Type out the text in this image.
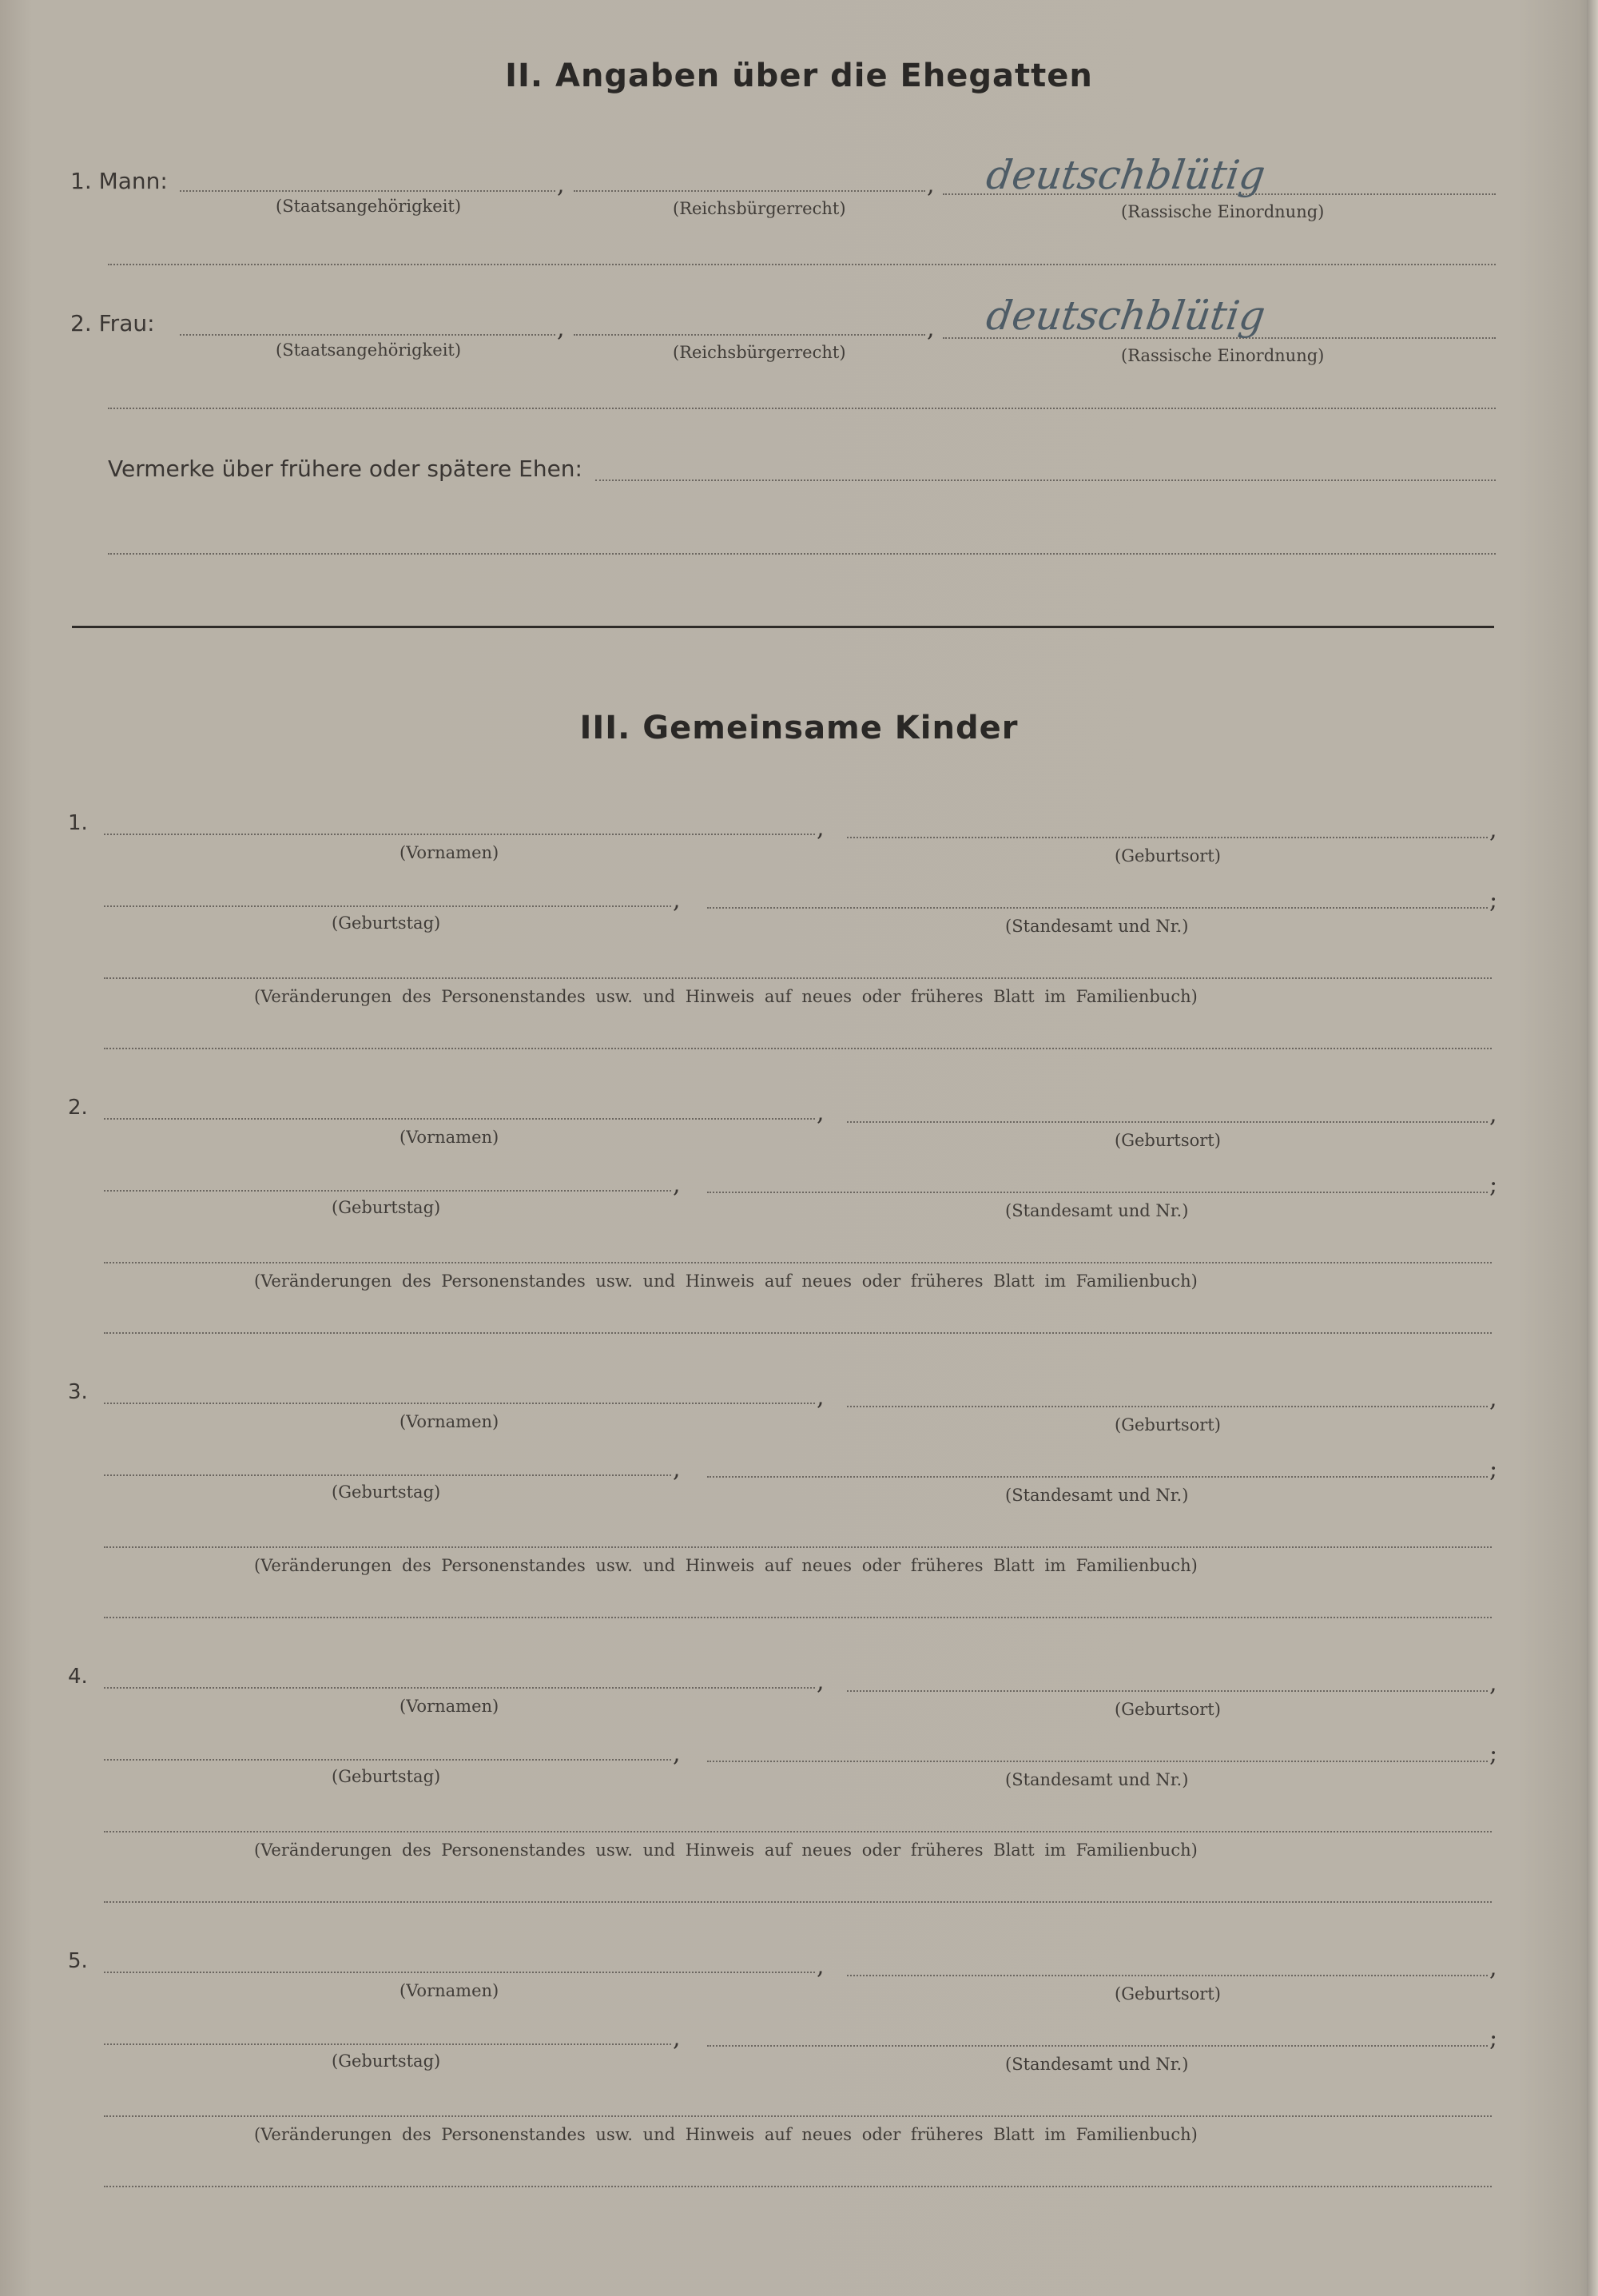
II. Angaben über die Ehegatten
1. Mann:	,	, deutschblütig
(Staatsangehörigkeit)	(Reichsbürgerrecht)	(Rassische Einordnung)
2. Frau:	,	, deutschblütig
(Staatsangehörigkeit)	(Reichsbürgerrecht)	(Rassische Einordnung)
Vermerke über frühere oder spätere Ehen:
III. Gemeinsame Kinder
1.	,	,
(Vornamen)	(Geburtsort)
,	;
(Geburtstag)	(Standesamt und Nr.)
(Veränderungen des Personenstandes usw. und Hinweis auf neues oder früheres Blatt im Familienbuch)
2.	,	,
(Vornamen)	(Geburtsort)
,	;
(Geburtstag)	(Standesamt und Nr.)
(Veränderungen des Personenstandes usw. und Hinweis auf neues oder früheres Blatt im Familienbuch)
3.	,	,
(Vornamen)	(Geburtsort)
,	;
(Geburtstag)	(Standesamt und Nr.)
(Veränderungen des Personenstandes usw. und Hinweis auf neues oder früheres Blatt im Familienbuch)
4.	,	,
(Vornamen)	(Geburtsort)
,	;
(Geburtstag)	(Standesamt und Nr.)
(Veränderungen des Personenstandes usw. und Hinweis auf neues oder früheres Blatt im Familienbuch)
5.	,	,
(Vornamen)	(Geburtsort)
,	;
(Geburtstag)	(Standesamt und Nr.)
(Veränderungen des Personenstandes usw. und Hinweis auf neues oder früheres Blatt im Familienbuch)
